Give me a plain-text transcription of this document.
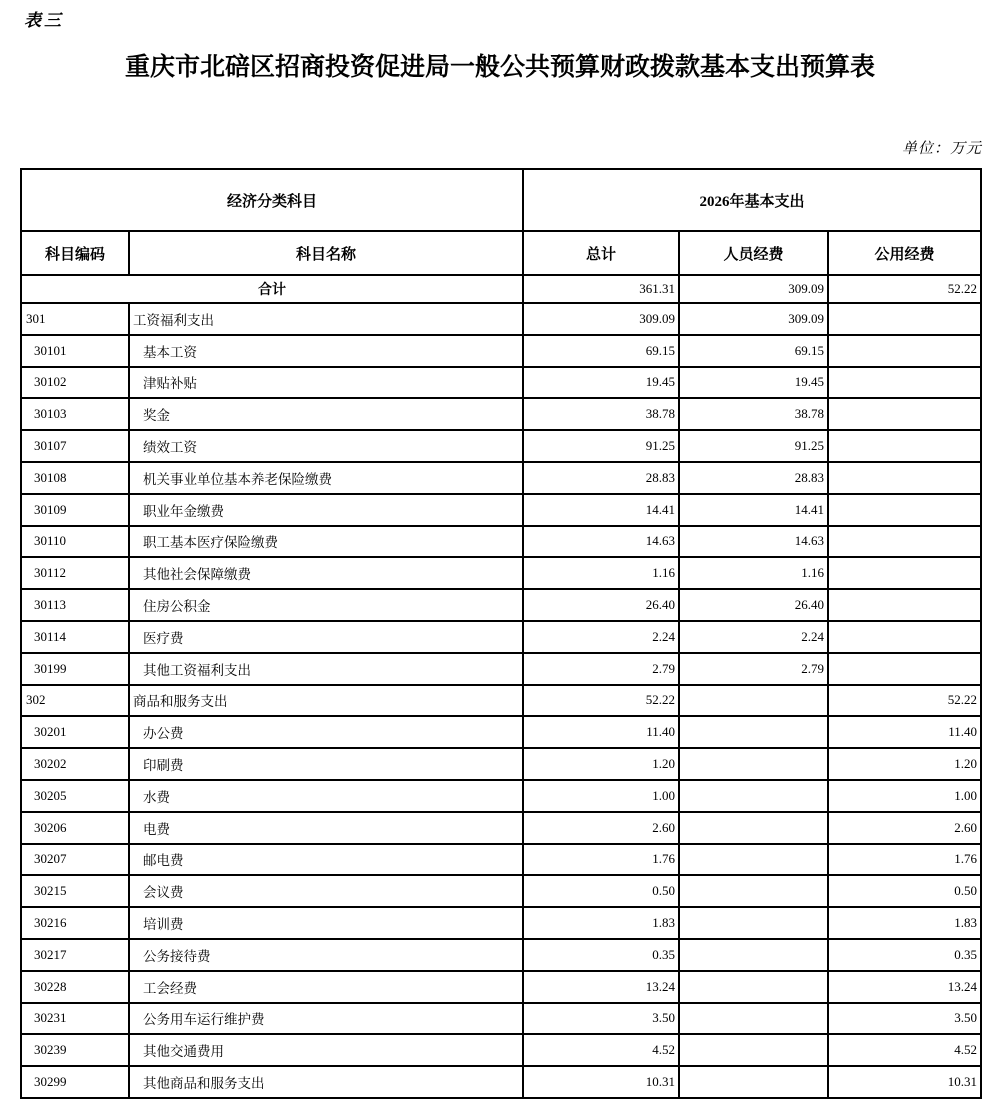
表三
重庆市北碚区招商投资促进局一般公共预算财政拨款基本支出预算表
单位：万元
经济分类科目		2026年基本支出		
科目编码	科目名称	总计	人员经费	公用经费
合计		361.31	309.09	52.22
301	工资福利支出	309.09	309.09	
30101	基本工资	69.15	69.15	
30102	津贴补贴	19.45	19.45	
30103	奖金	38.78	38.78	
30107	绩效工资	91.25	91.25	
30108	机关事业单位基本养老保险缴费	28.83	28.83	
30109	职业年金缴费	14.41	14.41	
30110	职工基本医疗保险缴费	14.63	14.63	
30112	其他社会保障缴费	1.16	1.16	
30113	住房公积金	26.40	26.40	
30114	医疗费	2.24	2.24	
30199	其他工资福利支出	2.79	2.79	
302	商品和服务支出	52.22		52.22
30201	办公费	11.40		11.40
30202	印刷费	1.20		1.20
30205	水费	1.00		1.00
30206	电费	2.60		2.60
30207	邮电费	1.76		1.76
30215	会议费	0.50		0.50
30216	培训费	1.83		1.83
30217	公务接待费	0.35		0.35
30228	工会经费	13.24		13.24
30231	公务用车运行维护费	3.50		3.50
30239	其他交通费用	4.52		4.52
30299	其他商品和服务支出	10.31		10.31
